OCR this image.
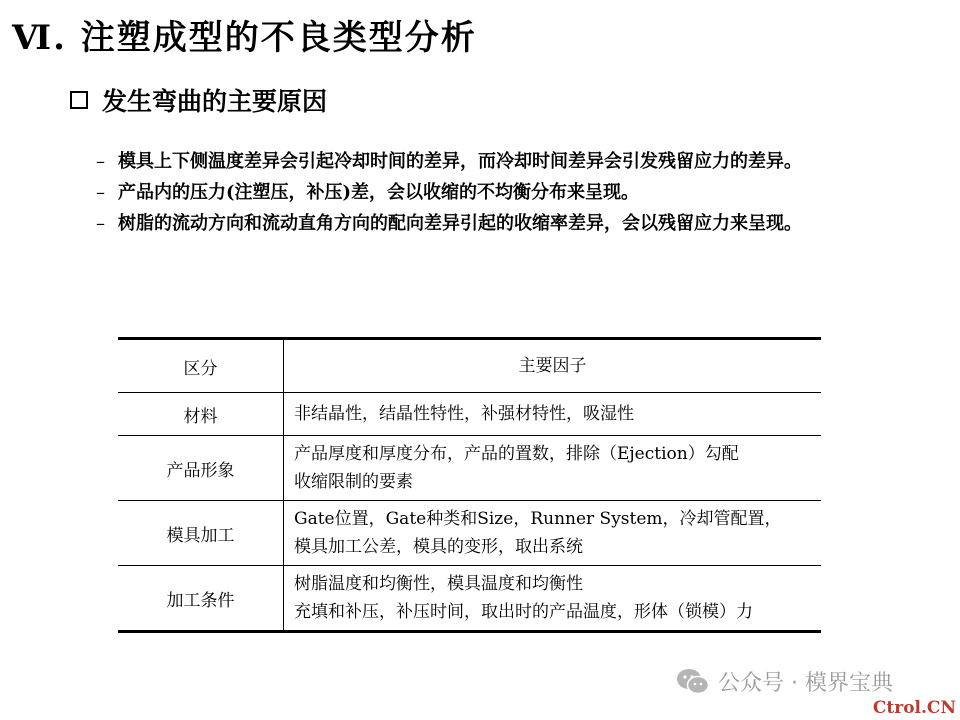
Ⅵ. 注塑成型的不良类型分析
发生弯曲的主要原因
– 模具上下侧温度差异会引起冷却时间的差异，而冷却时间差异会引发残留应力的差异。
– 产品内的压力(注塑压，补压)差，会以收缩的不均衡分布来呈现。
– 树脂的流动方向和流动直角方向的配向差异引起的收缩率差异，会以残留应力来呈现。
区分	主要因子
材料	非结晶性，结晶性特性，补强材特性，吸湿性

产品形象	产品厚度和厚度分布，产品的置数，排除（Ejection）勾配
收缩限制的要素

模具加工	Gate位置，Gate种类和Size，Runner System，冷却管配置，
模具加工公差，模具的变形，取出系统

加工条件	树脂温度和均衡性，模具温度和均衡性
充填和补压，补压时间，取出时的产品温度，形体（锁模）力
公众号 · 模界宝典
Ctrol.CN
